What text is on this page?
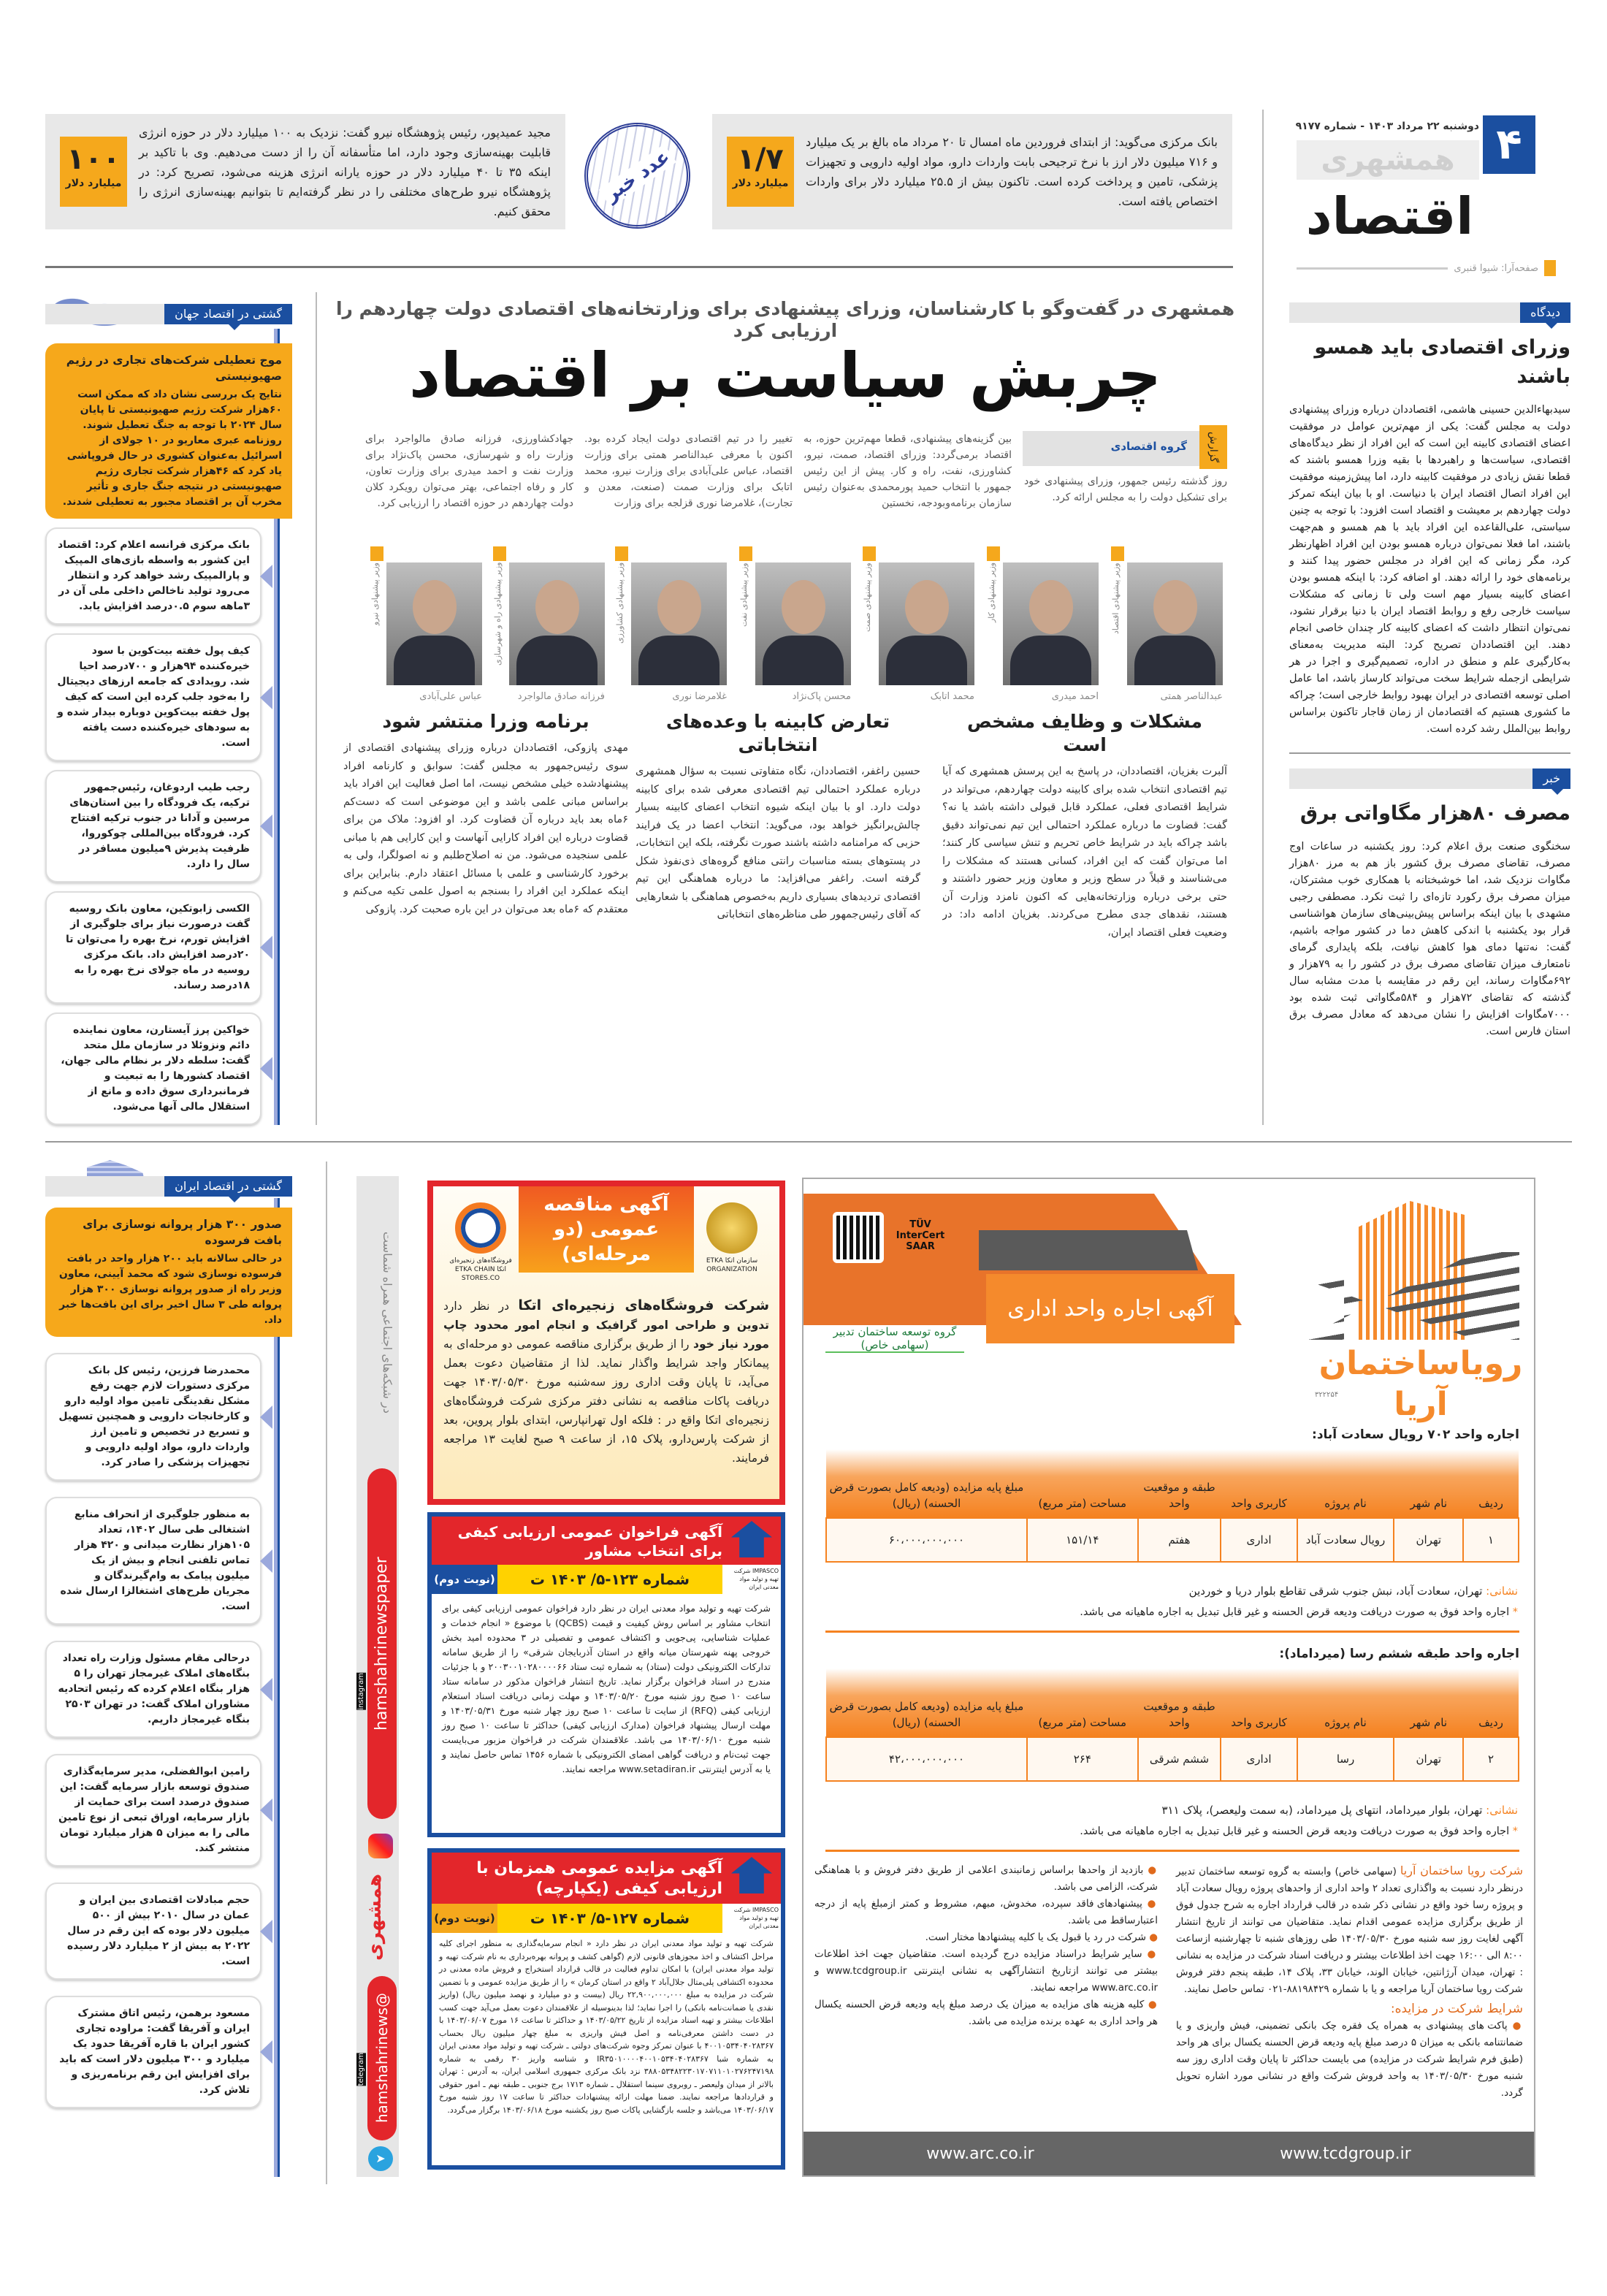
۴
دوشنبه ۲۲ مرداد ۱۴۰۳ - شماره ۹۱۷۷
همشهری
اقتصاد
صفحه‌آرا: شیوا قنبری
بانک مرکزی می‌گوید: از ابتدای فروردین ماه امسال تا ۲۰ مرداد ماه بالغ بر یک میلیارد و ۷۱۶ میلیون دلار ارز با نرخ ترجیحی بابت واردات دارو، مواد اولیه دارویی و تجهیزات پزشکی، تامین و پرداخت کرده است. تاکنون بیش از ۲۵.۵ میلیارد دلار برای واردات اختصاص یافته است.
۱/۷
میلیارد دلار
مجید عمیدپور، رئیس پژوهشگاه نیرو گفت: نزدیک به ۱۰۰ میلیارد دلار در حوزه انرژی قابلیت بهینه‌سازی وجود دارد، اما متأسفانه آن را از دست می‌دهیم. وی با تاکید بر اینکه ۳۵ تا ۴۰ میلیارد دلار در حوزه یارانه انرژی هزینه می‌شود، تصریح کرد: در پژوهشگاه نیرو طرح‌های مختلفی را در نظر گرفته‌ایم تا بتوانیم بهینه‌سازی انرژی را محقق کنیم.
۱۰۰
میلیارد دلار	عدد خبر
گشتی در اقتصاد جهان
موج تعطیلی شرکت‌های تجاری در رژیم صهیونیستی

نتایج یک بررسی نشان داد که ممکن است ۶۰هزار شرکت رژیم صهیونیستی تا پایان سال ۲۰۲۴ با توجه به جنگ تعطیل شوند. روزنامه عبری معاریو در ۱۰ جولای از اسرائیل به‌عنوان کشوری در حال فروپاشی یاد کرد که ۴۶هزار شرکت تجاری رژیم صهیونیستی در نتیجه جنگ جاری و تأثیر مخرب آن بر اقتصاد مجبور به تعطیلی شدند.

بانک مرکزی فرانسه اعلام کرد: اقتصاد این کشور به واسطه بازی‌های المپیک و پارالمپیک رشد خواهد کرد و انتظار می‌رود تولید ناخالص داخلی ملی آن در ۳ماهه سوم ۰.۵درصد افزایش یابد.
کیف پول خفته بیت‌کوین با سود خیره‌کننده ۹۴هزار و ۷۰۰درصد احیا شد. رویدادی که جامعه ارزهای دیجیتال را به‌خود جلب کرده این است که کیف پول خفته بیت‌کوین دوباره بیدار شده و به سودهای خیره‌کننده دست یافته است.
رجب طیب اردوغان، رئیس‌جمهور ترکیه، یک فرودگاه را بین استان‌های مرسین و آدانا در جنوب ترکیه افتتاح کرد. فرودگاه بین‌المللی چوکوروا، ظرفیت پذیرش ۹میلیون مسافر در سال را دارد.
الکسی زابوتکین، معاون بانک روسیه گفت درصورت نیاز برای جلوگیری از افزایش تورم، نرخ بهره را می‌توان تا ۲۰درصد افزایش داد. بانک مرکزی روسیه در ماه جولای نرخ بهره را به ۱۸درصد رساند.
خواکین پرز آیستارن، معاون نماینده دائم ونزوئلا در سازمان ملل متحد گفت: سلطه دلار بر نظام مالی جهان، اقتصاد کشورها را به تبعیت و فرمانبرداری سوق داده و مانع از استقلال مالی آنها می‌شود.
گشتی در اقتصاد ایران
صدور ۳۰۰ هزار پروانه نوسازی برای بافت فرسوده

در حالی سالانه باید ۲۰۰ هزار واحد در بافت فرسوده نوسازی شود که محمد آیینی، معاون وزیر راه از صدور پروانه نوسازی ۳۰۰ هزار پروانه طی ۳ سال اخیر برای این بافت‌ها خبر داد.

محمدرضا فرزین، رئیس کل بانک مرکزی دستورات لازم جهت رفع مشکل نقدینگی تامین مواد اولیه دارو و کارخانجات دارویی و همچنین تسهیل و تسریع در تخصیص و تامین ارز واردات دارو، مواد اولیه دارویی و تجهیزات پزشکی را صادر کرد.
به منظور جلوگیری از انحراف منابع اشتغالی طی سال ۱۴۰۲، تعداد ۱۰۵هزار نظارت میدانی و ۴۲۰ هزار تماس تلفنی انجام و بیش از یک میلیون پیامک به وام‌گیرندگان و مجریان طرح‌های اشتغالزا ارسال شده است.
درحالی مقام مسئول وزارت راه تعداد بنگاه‌های املاک غیرمجاز تهران را ۵ هزار بنگاه اعلام کرده که رئیس اتحادیه مشاوران املاک گفت: در تهران ۲۵۰۳ بنگاه غیرمجاز داریم.
رامین ابوالفضلی، مدیر سرمایه‌گذاری صندوق توسعه بازار سرمایه گفت: این صندوق درصدد است برای حمایت از بازار سرمایه، اوراق تبعی از نوع تامین مالی را به میزان ۵ هزار میلیارد تومان منتشر کند.
حجم مبادلات اقتصادی بین ایران و عمان در سال ۲۰۱۰ بیش از ۵۰۰ میلیون دلار بوده که این رقم در سال ۲۰۲۲ به بیش از ۲ میلیارد دلار رسیده است.
مسعود برهمن، رئیس اتاق مشترک ایران و آفریقا گفت: مراوده تجاری کشور ایران با قاره آفریقا حدود یک میلیارد و ۳۰۰ میلیون دلار است که باید برای افزایش این رقم برنامه‌ریزی و تلاش کرد.
همشهری در گفت‌وگو با کارشناسان، وزرای پیشنهادی برای وزارتخانه‌های اقتصادی دولت چهاردهم را ارزیابی کرد
چربش سیاست بر اقتصاد
گزارش
گروه اقتصادی
روز گذشته رئیس جمهور، وزرای پیشنهادی خود برای تشکیل دولت را به مجلس ارائه کرد.
بین گزینه‌های پیشنهادی، قطعا مهم‌ترین حوزه، به اقتصاد برمی‌گردد: وزرای اقتصاد، صمت، نیرو، کشاورزی، نفت، راه و کار. پیش از این رئیس جمهور با انتخاب حمید پورمحمدی به‌عنوان رئیس سازمان برنامه‌وبودجه، نخستین
تغییر را در تیم اقتصادی دولت ایجاد کرده بود. اکنون با معرفی عبدالناصر همتی برای وزارت اقتصاد، عباس علی‌آبادی برای وزارت نیرو، محمد اتابک برای وزارت صمت (صنعت، معدن و تجارت)، غلامرضا نوری قزلجه برای وزارت
جهادکشاورزی، فرزانه صادق مالواجرد برای وزارت راه و شهرسازی، محسن پاک‌نژاد برای وزارت نفت و احمد میدری برای وزارت تعاون، کار و رفاه اجتماعی، بهتر می‌توان رویکرد کلان دولت چهاردهم در حوزه اقتصاد را ارزیابی کرد.
دیدگاه
وزرای اقتصادی باید همسو باشند
سیدبهاءالدین حسینی هاشمی، اقتصاددان درباره وزرای پیشنهادی دولت به مجلس گفت: یکی از مهم‌ترین عوامل در موفقیت اعضای اقتصادی کابینه این است که این افراد از نظر دیدگاه‌های اقتصادی، سیاست‌ها و راهبردها با بقیه وزرا همسو باشند که قطعا نقش زیادی در موفقیت کابینه دارد، اما پیش‌زمینه موفقیت این افراد اتصال اقتصاد ایران با دنیاست. او با بیان اینکه تمرکز دولت چهاردهم بر معیشت و اقتصاد است افزود: با توجه به چنین سیاستی، علی‌القاعده این افراد باید با هم همسو و هم‌جهت باشند، اما فعلا نمی‌توان درباره همسو بودن این افراد اظهارنظر کرد، مگر زمانی که این افراد در مجلس حضور پیدا کنند و برنامه‌های خود را ارائه دهند. او اضافه کرد: با اینکه همسو بودن اعضای کابینه بسیار مهم است ولی تا زمانی که مشکلات سیاست خارجی رفع و روابط اقتصاد ایران با دنیا برقرار نشود، نمی‌توان انتظار داشت که اعضای کابینه کار چندان خاصی انجام دهند. این اقتصاددان تصریح کرد: البته مدیریت به‌معنای به‌کارگیری علم و منطق در اداره، تصمیم‌گیری و اجرا در هر شرایطی ازجمله شرایط سخت می‌تواند کارساز باشد، اما عامل اصلی توسعه اقتصادی در ایران بهبود روابط خارجی است؛ چراکه ما کشوری هستیم که اقتصادمان از زمان قاجار تاکنون براساس روابط بین‌الملل رشد کرده است.
خبر
مصرف ۸۰هزار مگاواتی برق
سخنگوی صنعت برق اعلام کرد: روز یکشنبه در ساعات اوج مصرف، تقاضای مصرف برق کشور باز هم به مرز ۸۰هزار مگاوات نزدیک شد، اما خوشبختانه با همکاری خوب مشترکان، میزان مصرف برق رکورد تازه‌ای را ثبت نکرد. مصطفی رجبی مشهدی با بیان اینکه براساس پیش‌بینی‌های سازمان هواشناسی قرار بود یکشنبه با اندکی کاهش دما در کشور مواجه باشیم، گفت: نه‌تنها دمای هوا کاهش نیافت، بلکه پایداری گرمای نامتعارف میزان تقاضای مصرف برق در کشور را به ۷۹هزار و ۶۹۲مگاوات رساند، این رقم در مقایسه با مدت مشابه سال گذشته که تقاضای ۷۲هزار و ۵۸۴مگاواتی ثبت شده بود ۷۰۰۰مگاوات افزایش را نشان می‌دهد که معادل مصرف برق استان فارس است.
در شبکه‌های اجتماعی همراه شماست
hamshahrinewspaper
instagram
همشهری
@hamshahrinews
telegram
➤
فروشگاه‌های زنجیره‌ای اتکا ETKA CHAIN STORES.CO
سازمان اتکا ETKA ORGANIZATION
آگهی مناقصه عمومی (دو مرحله‌ای)
شرکت فروشگاه‌های زنجیره‌ای اتکا در نظر دارد تدوین و طراحی امور گرافیک و انجام امور محدود چاپ مورد نیاز خود را از طریق برگزاری مناقصه عمومی دو مرحله‌ای به پیمانکار واجد شرایط واگذار نماید. لذا از متقاضیان دعوت بعمل می‌آید، تا پایان وقت اداری روز سه‌شنبه مورخ ۱۴۰۳/۰۵/۳۰ جهت دریافت پاکات مناقصه به نشانی دفتر مرکزی شرکت فروشگاه‌های زنجیره‌ای اتکا واقع در : فلکه اول تهرانپارس، ابتدای بلوار پروین، بعد از شرکت پارس‌دارو، پلاک ۱۵، از ساعت ۹ صبح لغایت ۱۳ مراجعه فرمایند.
آگهی فراخوان عمومی ارزیابی کیفی برای انتخاب مشاور
IMPASCO شرکت تهیه و تولید مواد معدنی ایران
شماره ۱۲۳-۵/ ۱۴۰۳ ت
(نوبت دوم)
شرکت تهیه و تولید مواد معدنی ایران در نظر دارد فراخوان عمومی ارزیابی کیفی برای انتخاب مشاور بر اساس روش کیفیت و قیمت (QCBS) با موضوع « انجام خدمات و عملیات شناسایی، پی‌جویی و اکتشاف عمومی و تفصیلی در ۳ محدوده امید بخش خروجی پهنه شهرستان میانه واقع در استان آذربایجان شرقی» را از طریق سامانه تدارکات الکترونیکی دولت (ستاد) به شماره ثبت ستاد ۲۰۰۳۰۰۱۰۲۸۰۰۰۰۶۶ و با جزئیات مندرج در اسناد فراخوان برگزار نماید. تاریخ انتشار فراخوان مذکور در سامانه ستاد ساعت ۱۰ صبح روز شنبه مورخ ۱۴۰۳/۰۵/۲۰ و مهلت زمانی دریافت اسناد استعلام ارزیابی کیفی (RFQ) از سایت تا ساعت ۱۰ صبح روز چهار شنبه مورخ ۱۴۰۳/۰۵/۳۱ و مهلت ارسال پیشنهاد فراخوان (مدارک ارزیابی کیفی) حداکثر تا ساعت ۱۰ صبح روز شنبه مورخ ۱۴۰۳/۰۶/۱۰ می باشد. علاقمندان شرکت در فراخوان مزبور می‌بایست جهت ثبت‌نام و دریافت گواهی امضای الکترونیکی با شماره ۱۴۵۶ تماس حاصل نمایند و یا به آدرس اینترنتی www.setadiran.ir مراجعه نمایند.
آگهی مزایده عمومی همزمان با ارزیابی کیفی (یکپارچه)
IMPASCO شرکت تهیه و تولید مواد معدنی ایران
شماره ۱۲۷-۵/ ۱۴۰۳ ت
(نوبت دوم)
شرکت تهیه و تولید مواد معدنی ایران در نظر دارد « انجام سرمایه‌گذاری به منظور اجرای کلیه مراحل اکتشاف و اخذ مجوزهای قانونی لازم (گواهی کشف و پروانه بهره‌برداری به نام شرکت تهیه و تولید مواد معدنی ایران) با امکان تداوم فعالیت در قالب قرارداد استخراج و فروش ماده معدنی در محدوده اکتشافی پلی‌متال جلال‌آباد ۲ واقع در استان کرمان » را از طریق مزایده عمومی و با تضمین شرکت در مزایده به مبلغ ۲۲,۹۰۰,۰۰۰,۰۰۰ ریال (بیست و دو میلیارد و نهصد میلیون ریال) (واریز نقدی یا ضمانت‌نامه بانکی) را اجرا نماید؛ لذا بدینوسیله از علاقمندان دعوت بعمل می‌آید جهت کسب اطلاعات بیشتر و تهیه اسناد مزایده از تاریخ ۱۴۰۳/۰۵/۲۲ و حداکثر تا ساعت ۱۶ مورخ ۱۴۰۳/۰۶/۰۷ با در دست داشتن معرفی‌نامه و اصل فیش واریزی به مبلغ چهار میلیون ریال بحساب ۴۰۰۱۰۵۳۴۰۴۰۲۸۳۶۷ با عنوان تمرکز وجوه شرکت‌های دولتی ـ شرکت تهیه و تولید مواد معدنی ایران به شماره شبا IR۳۵۰۱۰۰۰۰۴۰۰۱۰۵۳۴۰۴۰۲۸۳۶۷ و شناسه واریز ۳۰ رقمی به شماره ۳۸۸۰۵۳۴۸۲۲۳۰۱۷۰۷۱۱۰۱۰۲۷۶۲۴۷۱۹۸ نزد بانک مرکزی جمهوری اسلامی ایران، به آدرس : تهران بالاتر از میدان ولیعصر ـ روبروی سینما استقلال ـ شماره ۱۷۱۳ برج جنوبی ـ طبقه نهم ـ امور حقوقی و قراردادها مراجعه نمایند. ضمنا مهلت ارائه پیشنهادات حداکثر تا ساعت ۱۷ روز شنبه مورخ ۱۴۰۳/۰۶/۱۷ می‌باشد و جلسه بازگشایی پاکات صبح روز یکشنبه مورخ ۱۴۰۳/۰۶/۱۸ برگزار می‌گردد.
آگهی اجاره واحد اداری
TÜV InterCert SAAR
گروه توسعه ساختمان تدبیر (سهامی خاص)	رویاساختمان آریا
۳۲۲۲۵۴
شرکت رویا ساختمان آریا (سهامی خاص) وابسته به گروه توسعه ساختمان تدبیر درنظر دارد نسبت به واگذاری تعداد ۲ واحد اداری از واحدهای پروژه رویال سعادت آباد و پروژه رسا خود واقع در نشانی ذکر شده در قالب قرارداد اجاره به شرح جدول فوق از طریق برگزاری مزایده عمومی اقدام نماید. متقاضیان می توانند از تاریخ انتشار آگهی لغایت روز سه شنبه مورخ ۱۴۰۳/۰۵/۳۰ طی روزهای شنبه تا چهارشنبه ازساعت ۸:۰۰ الی ۱۶:۰۰ جهت اخذ اطلاعات بیشتر و دریافت اسناد شرکت در مزایده به نشانی : تهران، میدان آرژانتین، خیابان الوند، خیابان ۳۳، پلاک ۱۴، طبقه پنجم دفتر فروش شرکت رویا ساختمان آریا مراجعه و یا با شماره ۸۸۱۹۸۴۲۹-۰۲۱ تماس حاصل نمایند.
شرایط شرکت در مزایده:
● پاکت های پیشنهادی به همراه یک فقره چک بانکی تضمینی، فیش واریزی و یا ضمانتنامه بانکی به میزان ۵ درصد مبلغ پایه ودیعه قرض الحسنه یکسال برای هر واحد (طبق فرم شرایط شرکت در مزایده) می بایست حداکثر تا پایان وقت اداری روز سه شنبه مورخ ۱۴۰۳/۰۵/۳۰ به واحد فروش شرکت واقع در نشانی مورد اشاره تحویل گردد.
● بازدید از واحدها براساس زمانبندی اعلامی از طریق دفتر فروش و با هماهنگی شرکت، الزامی می باشد.
● پیشنهادهای فاقد سپرده، مخدوش، مبهم، مشروط و کمتر ازمبلغ پایه از درجه اعتبارساقط می باشد.
● شرکت در رد یا قبول یک یا کلیه پیشنهادها مختار است.
● سایر شرایط دراسناد مزایده درج گردیده است. متقاضیان جهت اخذ اطلاعات بیشتر می توانند ازتاریخ انتشارآگهی به نشانی اینترنتی www.tcdgroup.ir و www.arc.co.ir مراجعه نمایند.
● کلیه هزینه های مزایده به میزان یک درصد مبلغ پایه ودیعه قرض الحسنه یکسال هر واحد اداری به عهده برنده مزایده می باشد.
www.arc.co.ir	www.tcdgroup.ir
اجاره واحد ۷۰۲ رویال سعادت آباد:
ردیف	نام شهر	نام پروژه	کاربری واحد	طبقه و موقعیت واحد	مساحت (متر مربع)	مبلغ پایه مزایده (ودیعه کامل بصورت قرض الحسنه) (ریال)
۱	تهران	رویال سعادت آباد	اداری	هفتم	۱۵۱/۱۴	۶۰،۰۰۰،۰۰۰،۰۰۰
نشانی: تهران، سعادت آباد، نبش جنوب شرقی تقاطع بلوار دریا و خوردین
* اجاره واحد فوق به صورت دریافت ودیعه قرض الحسنه و غیر قابل تبدیل به اجاره ماهیانه می باشد.
اجاره واحد طبقه ششم رسا (میرداماد):
ردیف	نام شهر	نام پروژه	کاربری واحد	طبقه و موقعیت واحد	مساحت (متر مربع)	مبلغ پایه مزایده (ودیعه کامل بصورت قرض الحسنه) (ریال)
۲	تهران	رسا	اداری	ششم شرقی	۲۶۴	۴۲،۰۰۰،۰۰۰،۰۰۰
نشانی: تهران، بلوار میرداماد، انتهای پل میرداماد، (به سمت ولیعصر)، پلاک ۳۱۱
* اجاره واحد فوق به صورت دریافت ودیعه قرض الحسنه و غیر قابل تبدیل به اجاره ماهیانه می باشد.
وزیر پیشنهادی اقتصاد
عبدالناصر همتی
وزیر پیشنهادی کار
احمد میدری
وزیر پیشنهادی صمت
محمد اتابک
وزیر پیشنهادی نفت
محسن پاک‌نژاد
وزیر پیشنهادی کشاورزی
غلامرضا نوری
وزیر پیشنهادی راه و شهرسازی
فرزانه صادق مالواجرد
وزیر پیشنهادی نیرو
عباس علی‌آبادی
مشکلات و وظایف مشخص است
آلبرت بغزیان، اقتصاددان، در پاسخ به این پرسش همشهری که آیا تیم اقتصادی انتخاب شده برای کابینه دولت چهاردهم، می‌تواند در شرایط اقتصادی فعلی، عملکرد قابل قبولی داشته باشد یا نه؟ گفت: قضاوت ما درباره عملکرد احتمالی این تیم نمی‌تواند دقیق باشد چراکه باید در شرایط خاص تحریم و تنش سیاسی کار کنند؛ اما می‌توان گفت که این افراد، کسانی هستند که مشکلات را می‌شناسند و قبلاً در سطح وزیر و معاون وزیر حضور داشتند و حتی برخی درباره وزارتخانه‌هایی که اکنون نامزد وزارت آن هستند، نقدهای جدی مطرح می‌کردند. بغزیان ادامه داد: در وضعیت فعلی اقتصاد ایران،
تعارض کابینه با وعده‌های انتخاباتی
حسین راغفر، اقتصاددان، نگاه متفاوتی نسبت به سؤال همشهری درباره عملکرد احتمالی تیم اقتصادی معرفی شده برای کابینه دولت دارد. او با بیان اینکه شیوه انتخاب اعضای کابینه بسیار چالش‌برانگیز خواهد بود، می‌گوید: انتخاب اعضا در یک فرایند حزبی که مرامنامه داشته باشند صورت نگرفته، بلکه این انتخابات، در پستوهای بسته مناسبات رانتی منافع گروه‌های ذی‌نفوذ شکل گرفته است. راغفر می‌افزاید: ما درباره هماهنگی این تیم اقتصادی تردیدهای بسیاری داریم به‌خصوص هماهنگی با شعارهایی که آقای رئیس‌جمهور طی مناظره‌های انتخاباتی
برنامه وزرا منتشر شود
مهدی پازوکی، اقتصاددان درباره وزرای پیشنهادی اقتصادی از سوی رئیس‌جمهور به مجلس گفت: سوابق و کارنامه افراد پیشنهادشده خیلی مشخص نیست، اما اصل فعالیت این افراد باید براساس مبانی علمی باشد و این موضوعی است که دست‌کم ۶ماه بعد باید درباره آن قضاوت کرد. او افزود: ملاک من برای قضاوت درباره این افراد کارایی آنهاست و این کارایی هم با مبانی علمی سنجیده می‌شود. من نه اصلاح‌طلبم و نه اصولگرا، ولی به برخورد کارشناسی و علمی با مسائل اعتقاد دارم. بنابراین برای اینکه عملکرد این افراد را بسنجم به اصول علمی تکیه می‌کنم و معتقدم که ۶ماه بعد می‌توان در این باره صحبت کرد. پازوکی
